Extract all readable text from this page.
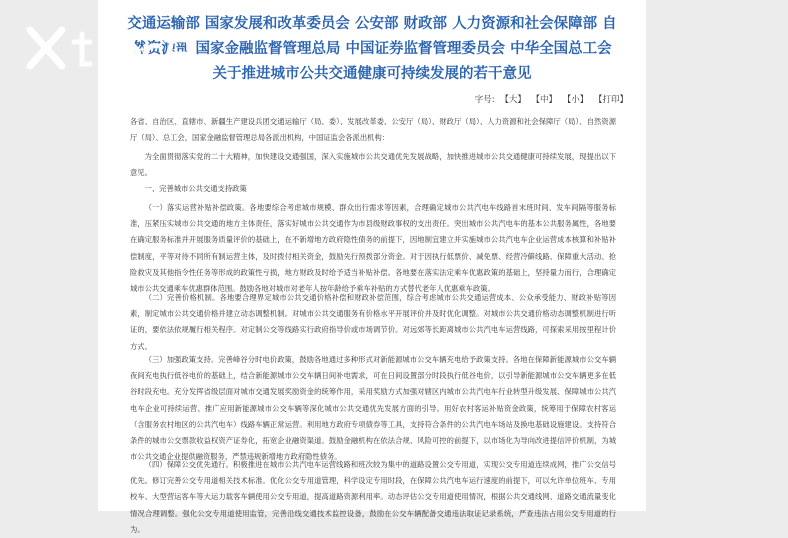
交通运输部 国家发展和改革委员会 公安部 财政部 人力资源和社会保障部 自
然资源部 国家金融监督管理总局 中国证券监督管理委员会 中华全国总工会
关于推进城市公共交通健康可持续发展的若干意见
字号: 【大】 【中】 【小】 【打印】

各省、自治区、直辖市、新疆生产建设兵团交通运输厅（局、委）、发展改革委、公安厅（局）、财政厅（局）、人力资源和社会保障厅（局）、自然资源厅（局）、总工会，国家金融监督管理总局各派出机构，中国证监会各派出机构：

为全面贯彻落实党的二十大精神，加快建设交通强国，深入实施城市公共交通优先发展战略，加快推进城市公共交通健康可持续发展，现提出以下意见。

一、完善城市公共交通支持政策

（一）落实运营补贴补偿政策。各地要综合考虑城市规模、群众出行需求等因素，合理确定城市公共汽电车线路首末班时间、发车间隔等服务标准，压紧压实城市公共交通的地方主体责任，落实好城市公共交通作为市县级财政事权的支出责任。突出城市公共汽电车的基本公共服务属性，各地要在确定服务标准并开展服务质量评价的基础上，在不新增地方政府隐性债务的前提下，因地制宜建立并实施城市公共汽电车企业运营成本核算和补贴补偿制度，平等对待不同所有制运营主体，及时拨付相关资金，鼓励先行预拨部分资金。对于因执行低票价、减免票、经营冷僻线路、保障重大活动、抢险救灾及其他指令性任务等形成的政策性亏损，地方财政及时给予适当补贴补偿。各地要在落实法定乘车优惠政策的基础上，坚持量力而行，合理确定城市公共交通乘车优惠群体范围。鼓励各地对城市对老年人按年龄给予乘车补贴的方式替代老年人优惠乘车政策。

（二）完善价格机制。各地要合理界定城市公共交通价格补偿和财政补偿范围，综合考虑城市公共交通运营成本、公众承受能力、财政补贴等因素，制定城市公共交通价格并建立动态调整机制。对城市公共交通服务有价格水平开展评价并及时优化调整。对城市公共交通价格动态调整机制进行听证的，要依法依规履行相关程序。对定制公交等线路实行政府指导价或市场调节价。对远郊等长距离城市公共汽电车运营线路，可探索采用按里程计价方式。

（三）加强政策支持。完善峰谷分时电价政策，鼓励各地通过多种形式对新能源城市公交车辆充电给予政策支持。各地在保障新能源城市公交车辆夜间充电执行低谷电价的基础上，结合新能源城市公交车辆日间补电需求，可在日间设置部分时段执行低谷电价，以引导新能源城市公交车辆更多在低谷时段充电。充分发挥省级层面对城市交通发展奖励资金的统筹作用，采用奖励方式加强对辖区内城市公共汽电车行业转型升级发展、保障城市公共汽电车企业可持续运营、推广应用新能源城市公交车辆等深化城市公共交通优先发展方面的引导。用好农村客运补贴资金政策，统筹用于保障农村客运（含服务农村地区的公共汽电车）线路车辆正常运营。利用地方政府专项债券等工具，支持符合条件的公共汽电车场站及换电基础设施建设。支持符合条件的城市公交票款收益权资产证券化，拓宽企业融资渠道。鼓励金融机构在依法合规、风险可控的前提下，以市场化为导向改进提信评价机制，为城市公共交通企业提供融资服务，严禁违规新增地方政府隐性债务。

（四）保障公交优先通行。积极推进在城市公共汽电车运营线路和班次较为集中的道路设置公交专用道，实现公交专用道连续成网，推广公交信号优先。修订完善公交专用道相关技术标准。优化公交专用道管理，科学设定专用时段，在保障公共汽电车运行速度的前提下，可以允许单位班车、专用校车、大型营运客车等大运力载客车辆使用公交专用道，提高道路资源利用率。动态评估公交专用道使用情况，根据公共交通线网、道路交通流量变化情况合理调整。强化公交专用道使用监管，完善沿线交通技术监控设备，鼓励在公交车辆配备交通违法取证记录系统，严查违法占用公交专用道的行为。
